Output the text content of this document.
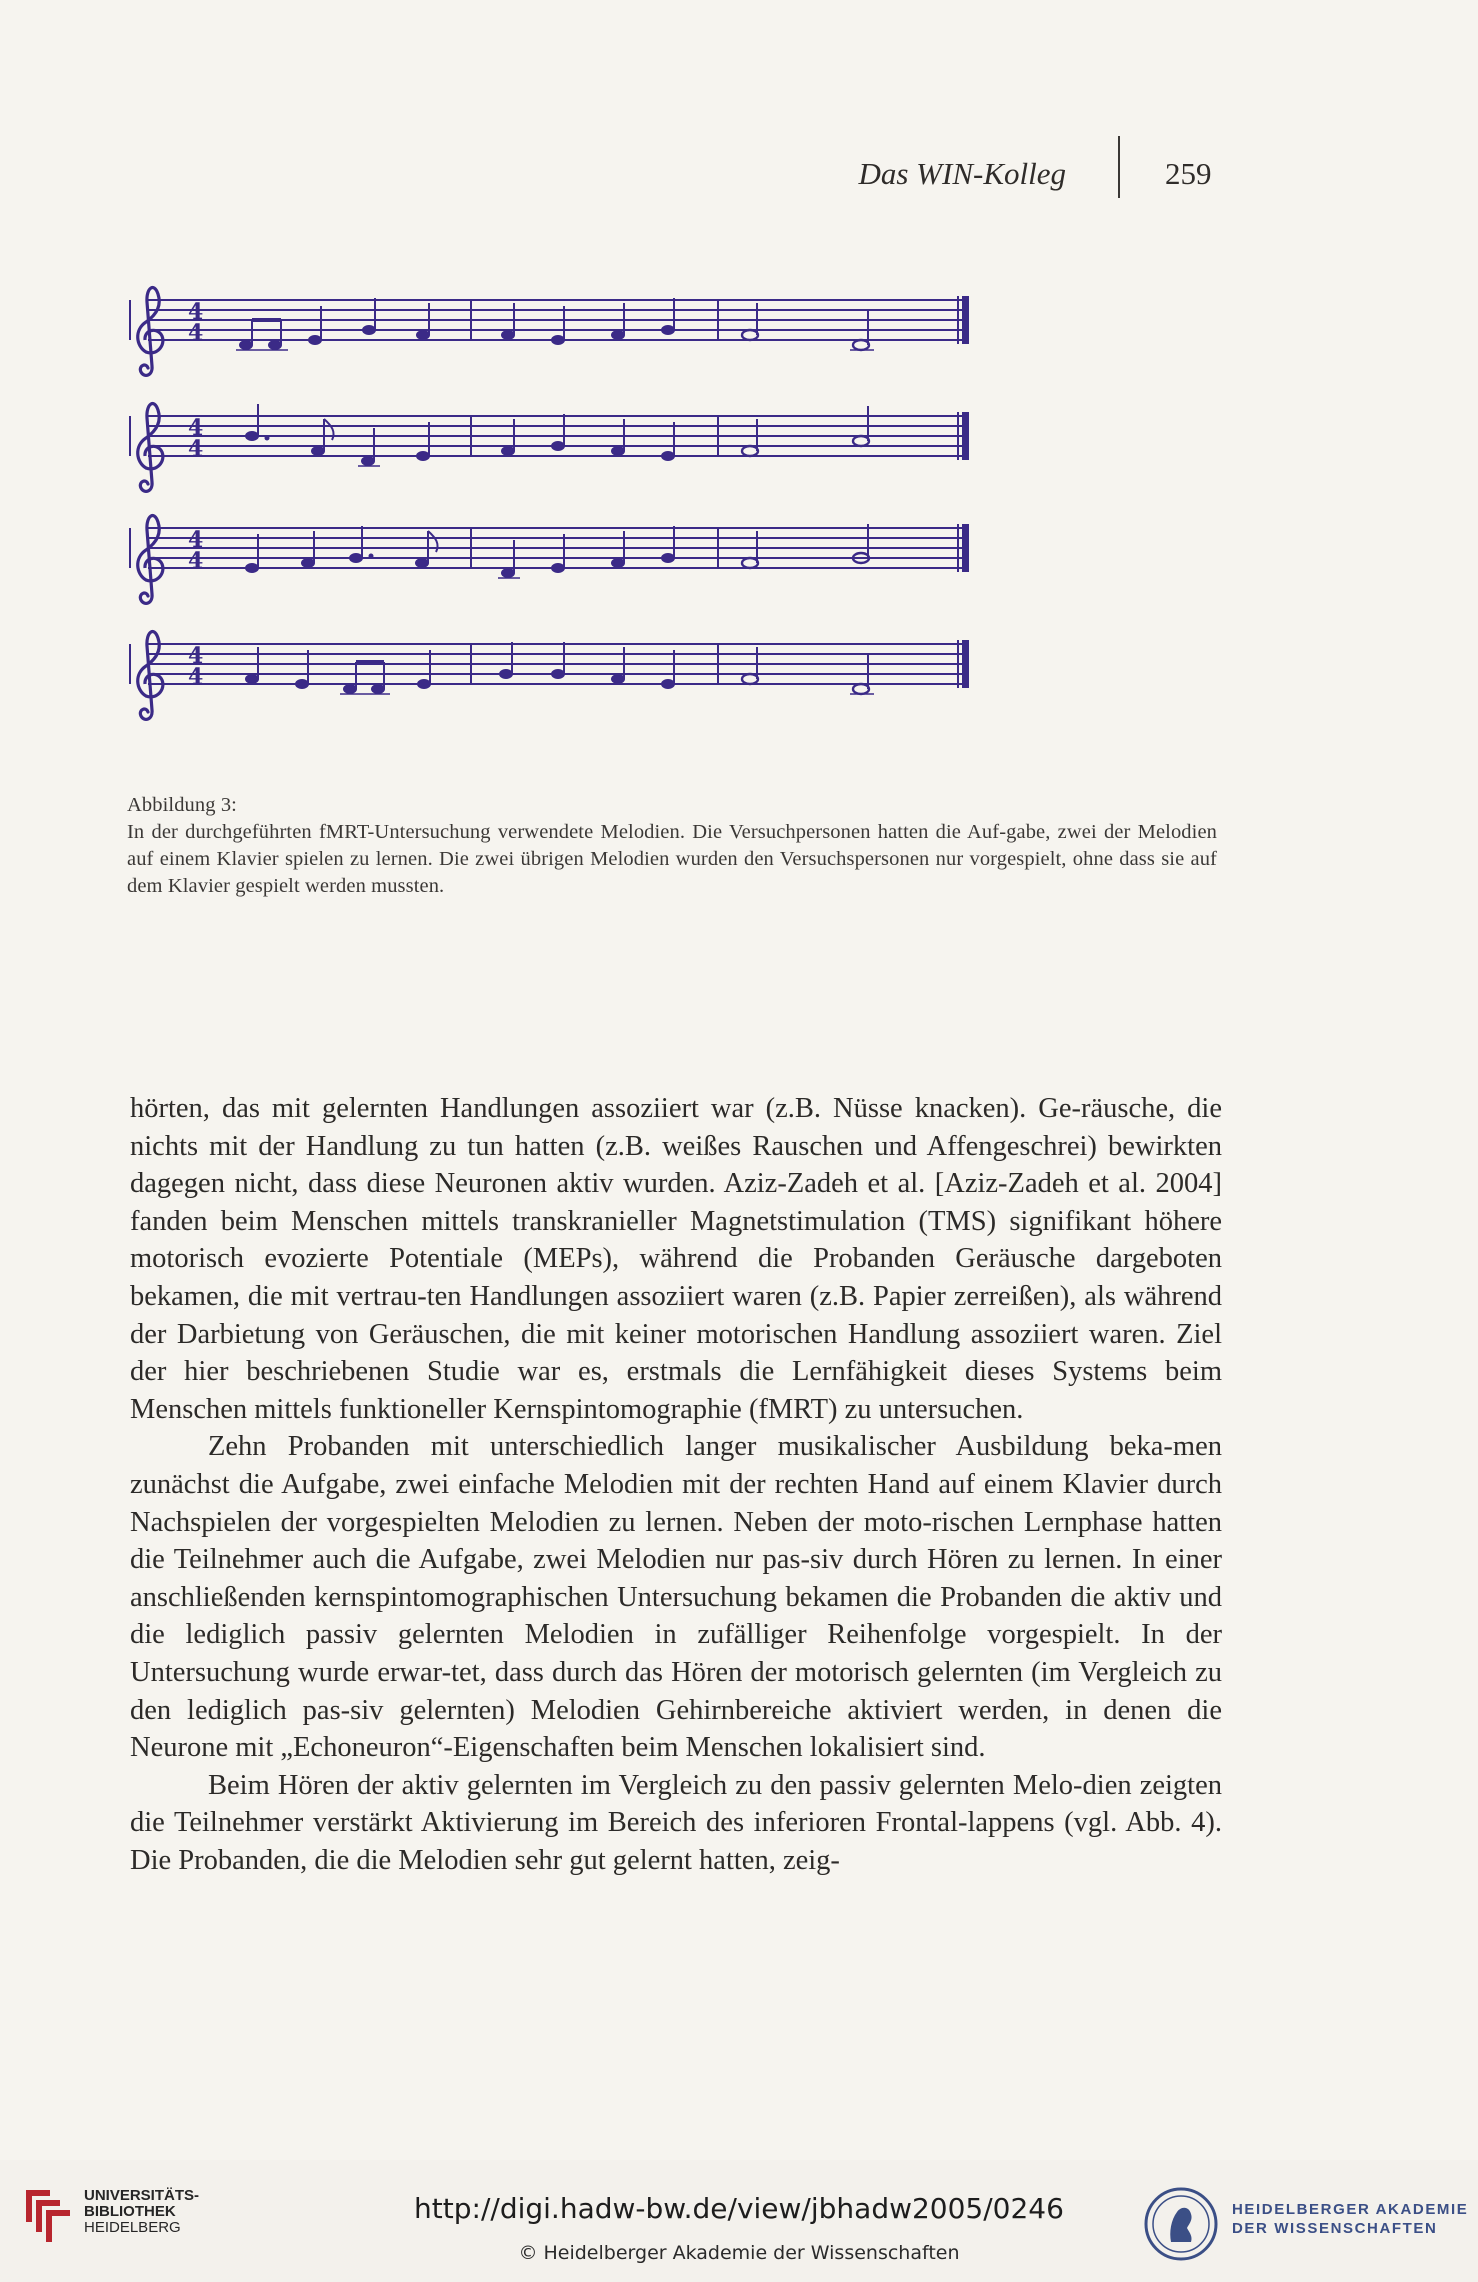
Das WIN-Kolleg	259
4
4
4
4
4
4
4
4

Abbildung 3:

In der durchgeführten fMRT-Untersuchung verwendete Melodien. Die Versuchpersonen hatten die Auf-gabe, zwei der Melodien auf einem Klavier spielen zu lernen. Die zwei übrigen Melodien wurden den Versuchspersonen nur vorgespielt, ohne dass sie auf dem Klavier gespielt werden mussten.

hörten, das mit gelernten Handlungen assoziiert war (z.B. Nüsse knacken). Ge-räusche, die nichts mit der Handlung zu tun hatten (z.B. weißes Rauschen und Affengeschrei) bewirkten dagegen nicht, dass diese Neuronen aktiv wurden. Aziz-Zadeh et al. [Aziz-Zadeh et al. 2004] fanden beim Menschen mittels transkranieller Magnetstimulation (TMS) signifikant höhere motorisch evozierte Potentiale (MEPs), während die Probanden Geräusche dargeboten bekamen, die mit vertrau-ten Handlungen assoziiert waren (z.B. Papier zerreißen), als während der Darbietung von Geräuschen, die mit keiner motorischen Handlung assoziiert waren. Ziel der hier beschriebenen Studie war es, erstmals die Lernfähigkeit dieses Systems beim Menschen mittels funktioneller Kernspintomographie (fMRT) zu untersuchen.

Zehn Probanden mit unterschiedlich langer musikalischer Ausbildung beka-men zunächst die Aufgabe, zwei einfache Melodien mit der rechten Hand auf einem Klavier durch Nachspielen der vorgespielten Melodien zu lernen. Neben der moto-rischen Lernphase hatten die Teilnehmer auch die Aufgabe, zwei Melodien nur pas-siv durch Hören zu lernen. In einer anschließenden kernspintomographischen Untersuchung bekamen die Probanden die aktiv und die lediglich passiv gelernten Melodien in zufälliger Reihenfolge vorgespielt. In der Untersuchung wurde erwar-tet, dass durch das Hören der motorisch gelernten (im Vergleich zu den lediglich pas-siv gelernten) Melodien Gehirnbereiche aktiviert werden, in denen die Neurone mit „Echoneuron“-Eigenschaften beim Menschen lokalisiert sind.

Beim Hören der aktiv gelernten im Vergleich zu den passiv gelernten Melo-dien zeigten die Teilnehmer verstärkt Aktivierung im Bereich des inferioren Frontal-lappens (vgl. Abb. 4). Die Probanden, die die Melodien sehr gut gelernt hatten, zeig-

UNIVERSITÄTS-
BIBLIOTHEK
HEIDELBERG
http://digi.hadw-bw.de/view/jbhadw2005/0246
© Heidelberger Akademie der Wissenschaften
HEIDELBERGER AKADEMIE
DER WISSENSCHAFTEN
